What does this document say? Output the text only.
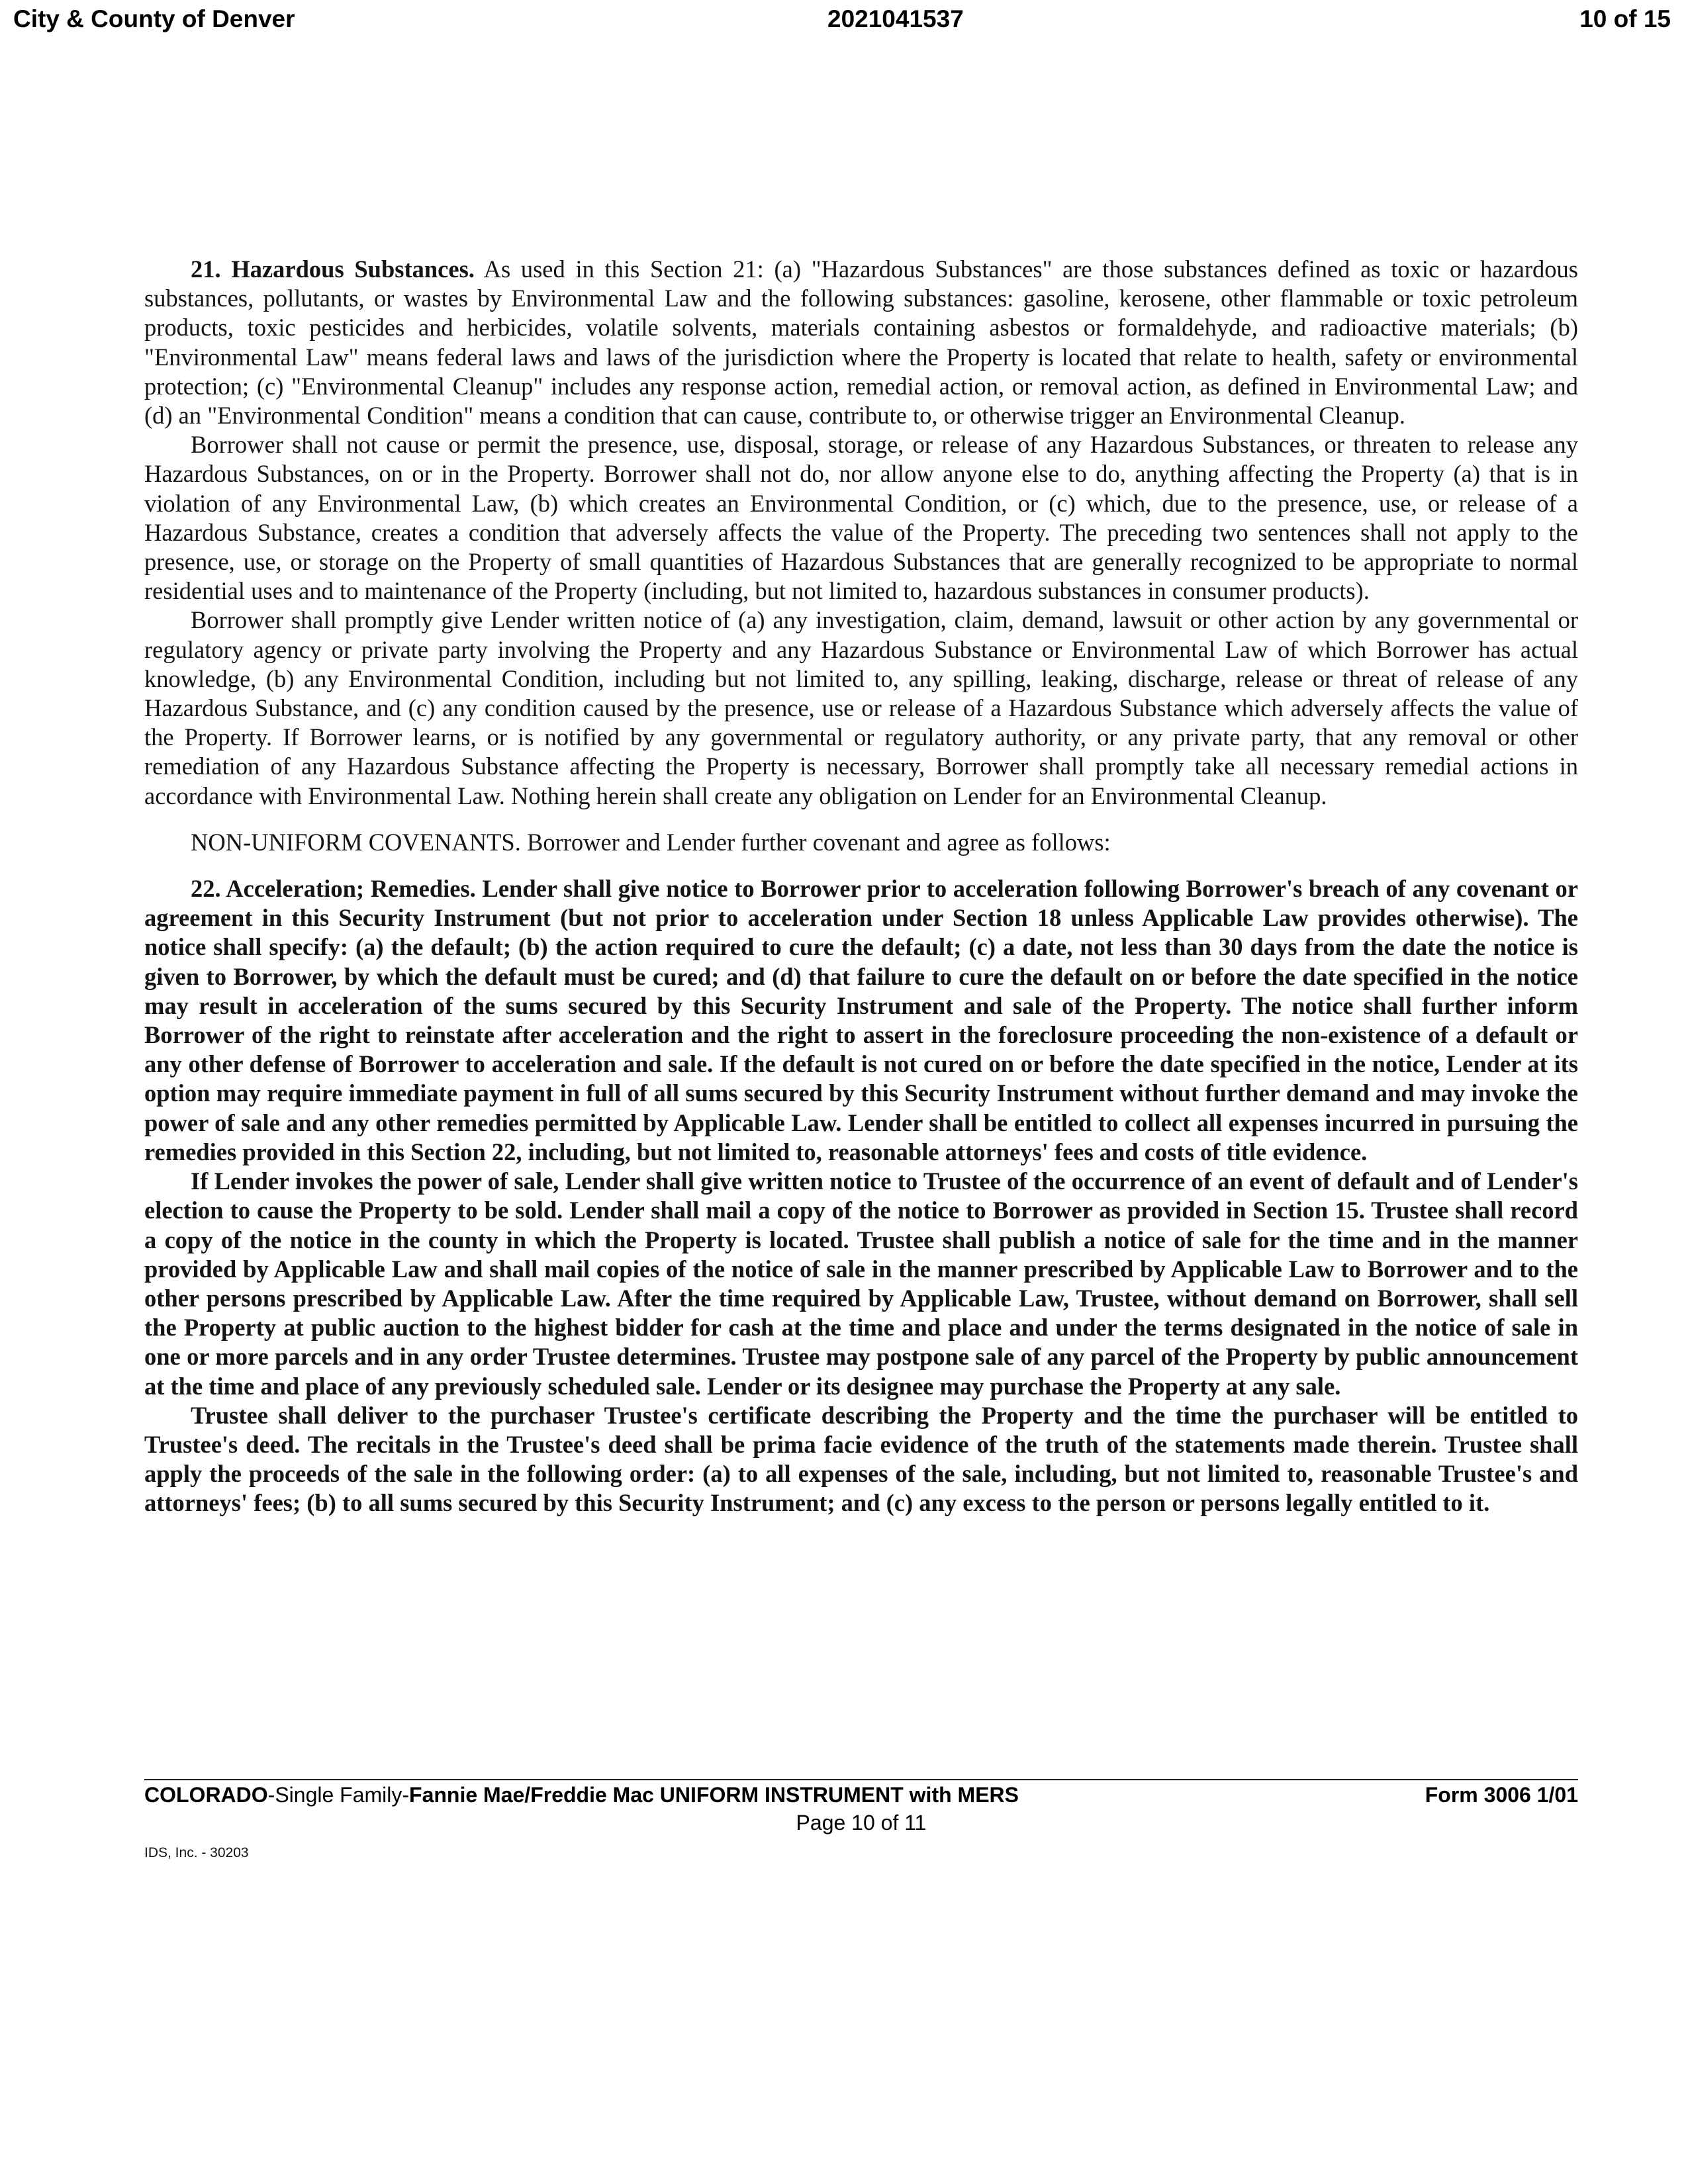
City & County of Denver	2021041537	10 of 15

21. Hazardous Substances. As used in this Section 21: (a) "Hazardous Substances" are those substances defined as toxic or hazardous substances, pollutants, or wastes by Environmental Law and the following substances: gasoline, kerosene, other flammable or toxic petroleum products, toxic pesticides and herbicides, volatile solvents, materials containing asbestos or formaldehyde, and radioactive materials; (b) "Environmental Law" means federal laws and laws of the jurisdiction where the Property is located that relate to health, safety or environmental protection; (c) "Environmental Cleanup" includes any response action, remedial action, or removal action, as defined in Environmental Law; and (d) an "Environmental Condition" means a condition that can cause, contribute to, or otherwise trigger an Environmental Cleanup.

Borrower shall not cause or permit the presence, use, disposal, storage, or release of any Hazardous Substances, or threaten to release any Hazardous Substances, on or in the Property. Borrower shall not do, nor allow anyone else to do, anything affecting the Property (a) that is in violation of any Environmental Law, (b) which creates an Environmental Condition, or (c) which, due to the presence, use, or release of a Hazardous Substance, creates a condition that adversely affects the value of the Property. The preceding two sentences shall not apply to the presence, use, or storage on the Property of small quantities of Hazardous Substances that are generally recognized to be appropriate to normal residential uses and to maintenance of the Property (including, but not limited to, hazardous substances in consumer products).

Borrower shall promptly give Lender written notice of (a) any investigation, claim, demand, lawsuit or other action by any governmental or regulatory agency or private party involving the Property and any Hazardous Substance or Environmental Law of which Borrower has actual knowledge, (b) any Environmental Condition, including but not limited to, any spilling, leaking, discharge, release or threat of release of any Hazardous Substance, and (c) any condition caused by the presence, use or release of a Hazardous Substance which adversely affects the value of the Property. If Borrower learns, or is notified by any governmental or regulatory authority, or any private party, that any removal or other remediation of any Hazardous Substance affecting the Property is necessary, Borrower shall promptly take all necessary remedial actions in accordance with Environmental Law. Nothing herein shall create any obligation on Lender for an Environmental Cleanup.

NON-UNIFORM COVENANTS. Borrower and Lender further covenant and agree as follows:

22. Acceleration; Remedies. Lender shall give notice to Borrower prior to acceleration following Borrower's breach of any covenant or agreement in this Security Instrument (but not prior to acceleration under Section 18 unless Applicable Law provides otherwise). The notice shall specify: (a) the default; (b) the action required to cure the default; (c) a date, not less than 30 days from the date the notice is given to Borrower, by which the default must be cured; and (d) that failure to cure the default on or before the date specified in the notice may result in acceleration of the sums secured by this Security Instrument and sale of the Property. The notice shall further inform Borrower of the right to reinstate after acceleration and the right to assert in the foreclosure proceeding the non-existence of a default or any other defense of Borrower to acceleration and sale. If the default is not cured on or before the date specified in the notice, Lender at its option may require immediate payment in full of all sums secured by this Security Instrument without further demand and may invoke the power of sale and any other remedies permitted by Applicable Law. Lender shall be entitled to collect all expenses incurred in pursuing the remedies provided in this Section 22, including, but not limited to, reasonable attorneys' fees and costs of title evidence.

If Lender invokes the power of sale, Lender shall give written notice to Trustee of the occurrence of an event of default and of Lender's election to cause the Property to be sold. Lender shall mail a copy of the notice to Borrower as provided in Section 15. Trustee shall record a copy of the notice in the county in which the Property is located. Trustee shall publish a notice of sale for the time and in the manner provided by Applicable Law and shall mail copies of the notice of sale in the manner prescribed by Applicable Law to Borrower and to the other persons prescribed by Applicable Law. After the time required by Applicable Law, Trustee, without demand on Borrower, shall sell the Property at public auction to the highest bidder for cash at the time and place and under the terms designated in the notice of sale in one or more parcels and in any order Trustee determines. Trustee may postpone sale of any parcel of the Property by public announcement at the time and place of any previously scheduled sale. Lender or its designee may purchase the Property at any sale.

Trustee shall deliver to the purchaser Trustee's certificate describing the Property and the time the purchaser will be entitled to Trustee's deed. The recitals in the Trustee's deed shall be prima facie evidence of the truth of the statements made therein. Trustee shall apply the proceeds of the sale in the following order: (a) to all expenses of the sale, including, but not limited to, reasonable Trustee's and attorneys' fees; (b) to all sums secured by this Security Instrument; and (c) any excess to the person or persons legally entitled to it.

COLORADO-Single Family-Fannie Mae/Freddie Mac UNIFORM INSTRUMENT with MERS	Form 3006 1/01
Page 10 of 11
IDS, Inc. - 30203
